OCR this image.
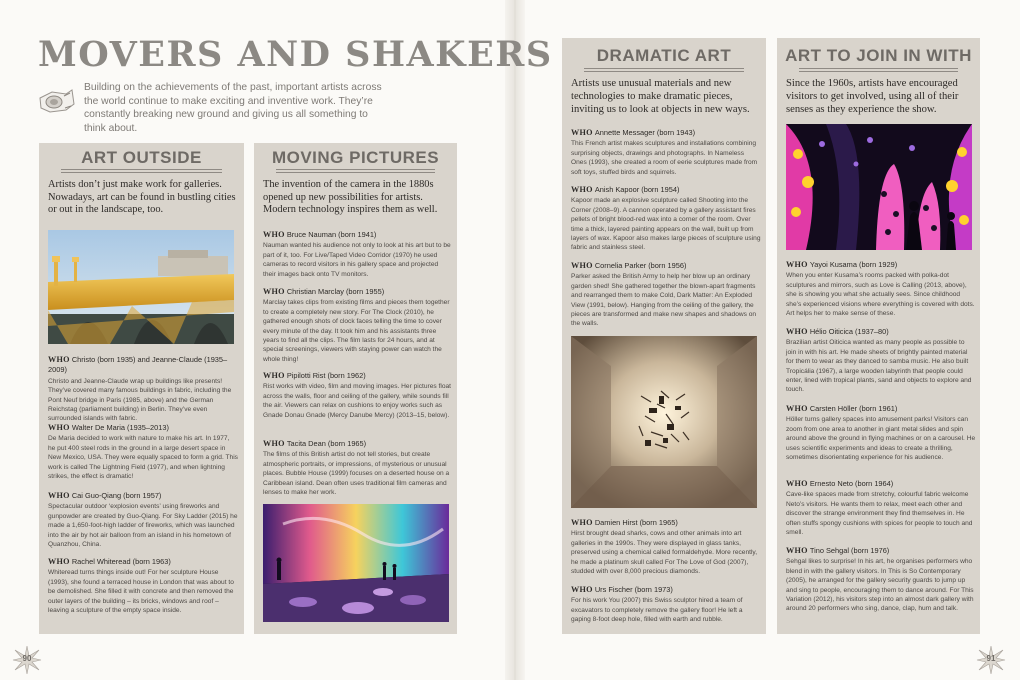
MOVERS AND SHAKERS

Building on the achievements of the past, important artists across the world continue to make exciting and inventive work. They’re constantly breaking new ground and giving us all something to think about.

ART OUTSIDE

Artists don’t just make work for galleries. Nowadays, art can be found in bustling cities or out in the landscape, too.

WHO Christo (born 1935) and Jeanne-Claude (1935–2009)
Christo and Jeanne-Claude wrap up buildings like presents! They’ve covered many famous buildings in fabric, including the Pont Neuf bridge in Paris (1985, above) and the German Reichstag (parliament building) in Berlin. They’ve even surrounded islands with fabric.
WHO Walter De Maria (1935–2013)
De Maria decided to work with nature to make his art. In 1977, he put 400 steel rods in the ground in a large desert space in New Mexico, USA. They were equally spaced to form a grid. This work is called The Lightning Field (1977), and when lightning strikes, the effect is dramatic!
WHO Cai Guo-Qiang (born 1957)
Spectacular outdoor ‘explosion events’ using fireworks and gunpowder are created by Guo-Qiang. For Sky Ladder (2015) he made a 1,650-foot-high ladder of fireworks, which was launched into the air by hot air balloon from an island in his hometown of Quanzhou, China.
WHO Rachel Whiteread (born 1963)
Whiteread turns things inside out! For her sculpture House (1993), she found a terraced house in London that was about to be demolished. She filled it with concrete and then removed the outer layers of the building – its bricks, windows and roof – leaving a sculpture of the empty space inside.
MOVING PICTURES

The invention of the camera in the 1880s opened up new possibilities for artists. Modern technology inspires them as well.

WHO Bruce Nauman (born 1941)
Nauman wanted his audience not only to look at his art but to be part of it, too. For Live/Taped Video Corridor (1970) he used cameras to record visitors in his gallery space and projected their images back onto TV monitors.
WHO Christian Marclay (born 1955)
Marclay takes clips from existing films and pieces them together to create a completely new story. For The Clock (2010), he gathered enough shots of clock faces telling the time to cover every minute of the day. It took him and his assistants three years to find all the clips. The film lasts for 24 hours, and at special screenings, viewers with staying power can watch the whole thing!
WHO Pipilotti Rist (born 1962)
Rist works with video, film and moving images. Her pictures float across the walls, floor and ceiling of the gallery, while sounds fill the air. Viewers can relax on cushions to enjoy works such as Gnade Donau Gnade (Mercy Danube Mercy) (2013–15, below).
WHO Tacita Dean (born 1965)
The films of this British artist do not tell stories, but create atmospheric portraits, or impressions, of mysterious or unusual places. Bubble House (1999) focuses on a deserted house on a Caribbean island. Dean often uses traditional film cameras and lenses to make her work.
DRAMATIC ART

Artists use unusual materials and new technologies to make dramatic pieces, inviting us to look at objects in new ways.

WHO Annette Messager (born 1943)
This French artist makes sculptures and installations combining surprising objects, drawings and photographs. In Nameless Ones (1993), she created a room of eerie sculptures made from soft toys, stuffed birds and squirrels.
WHO Anish Kapoor (born 1954)
Kapoor made an explosive sculpture called Shooting into the Corner (2008–9). A cannon operated by a gallery assistant fires pellets of bright blood-red wax into a corner of the room. Over time a thick, layered painting appears on the wall, built up from layers of wax. Kapoor also makes large pieces of sculpture using fabric and stainless steel.
WHO Cornelia Parker (born 1956)
Parker asked the British Army to help her blow up an ordinary garden shed! She gathered together the blown-apart fragments and rearranged them to make Cold, Dark Matter: An Exploded View (1991, below). Hanging from the ceiling of the gallery, the pieces are transformed and make new shapes and shadows on the walls.
WHO Damien Hirst (born 1965)
Hirst brought dead sharks, cows and other animals into art galleries in the 1990s. They were displayed in glass tanks, preserved using a chemical called formaldehyde. More recently, he made a platinum skull called For The Love of God (2007), studded with over 8,000 precious diamonds.
WHO Urs Fischer (born 1973)
For his work You (2007) this Swiss sculptor hired a team of excavators to completely remove the gallery floor! He left a gaping 8-foot deep hole, filled with earth and rubble.
ART TO JOIN IN WITH

Since the 1960s, artists have encouraged visitors to get involved, using all of their senses as they experience the show.

WHO Yayoi Kusama (born 1929)
When you enter Kusama’s rooms packed with polka-dot sculptures and mirrors, such as Love is Calling (2013, above), she is showing you what she actually sees. Since childhood she’s experienced visions where everything is covered with dots. Art helps her to make sense of these.
WHO Hélio Oiticica (1937–80)
Brazilian artist Oiticica wanted as many people as possible to join in with his art. He made sheets of brightly painted material for them to wear as they danced to samba music. He also built Tropicália (1967), a large wooden labyrinth that people could enter, lined with tropical plants, sand and objects to explore and touch.
WHO Carsten Höller (born 1961)
Höller turns gallery spaces into amusement parks! Visitors can zoom from one area to another in giant metal slides and spin around above the ground in flying machines or on a carousel. He uses scientific experiments and ideas to create a thrilling, sometimes disorientating experience for his audience.
WHO Ernesto Neto (born 1964)
Cave-like spaces made from stretchy, colourful fabric welcome Neto’s visitors. He wants them to relax, meet each other and discover the strange environment they find themselves in. He often stuffs spongy cushions with spices for people to touch and smell.
WHO Tino Sehgal (born 1976)
Sehgal likes to surprise! In his art, he organises performers who blend in with the gallery visitors. In This is So Contemporary (2005), he arranged for the gallery security guards to jump up and sing to people, encouraging them to dance around. For This Variation (2012), his visitors step into an almost dark gallery with around 20 performers who sing, dance, clap, hum and talk.
90	91
